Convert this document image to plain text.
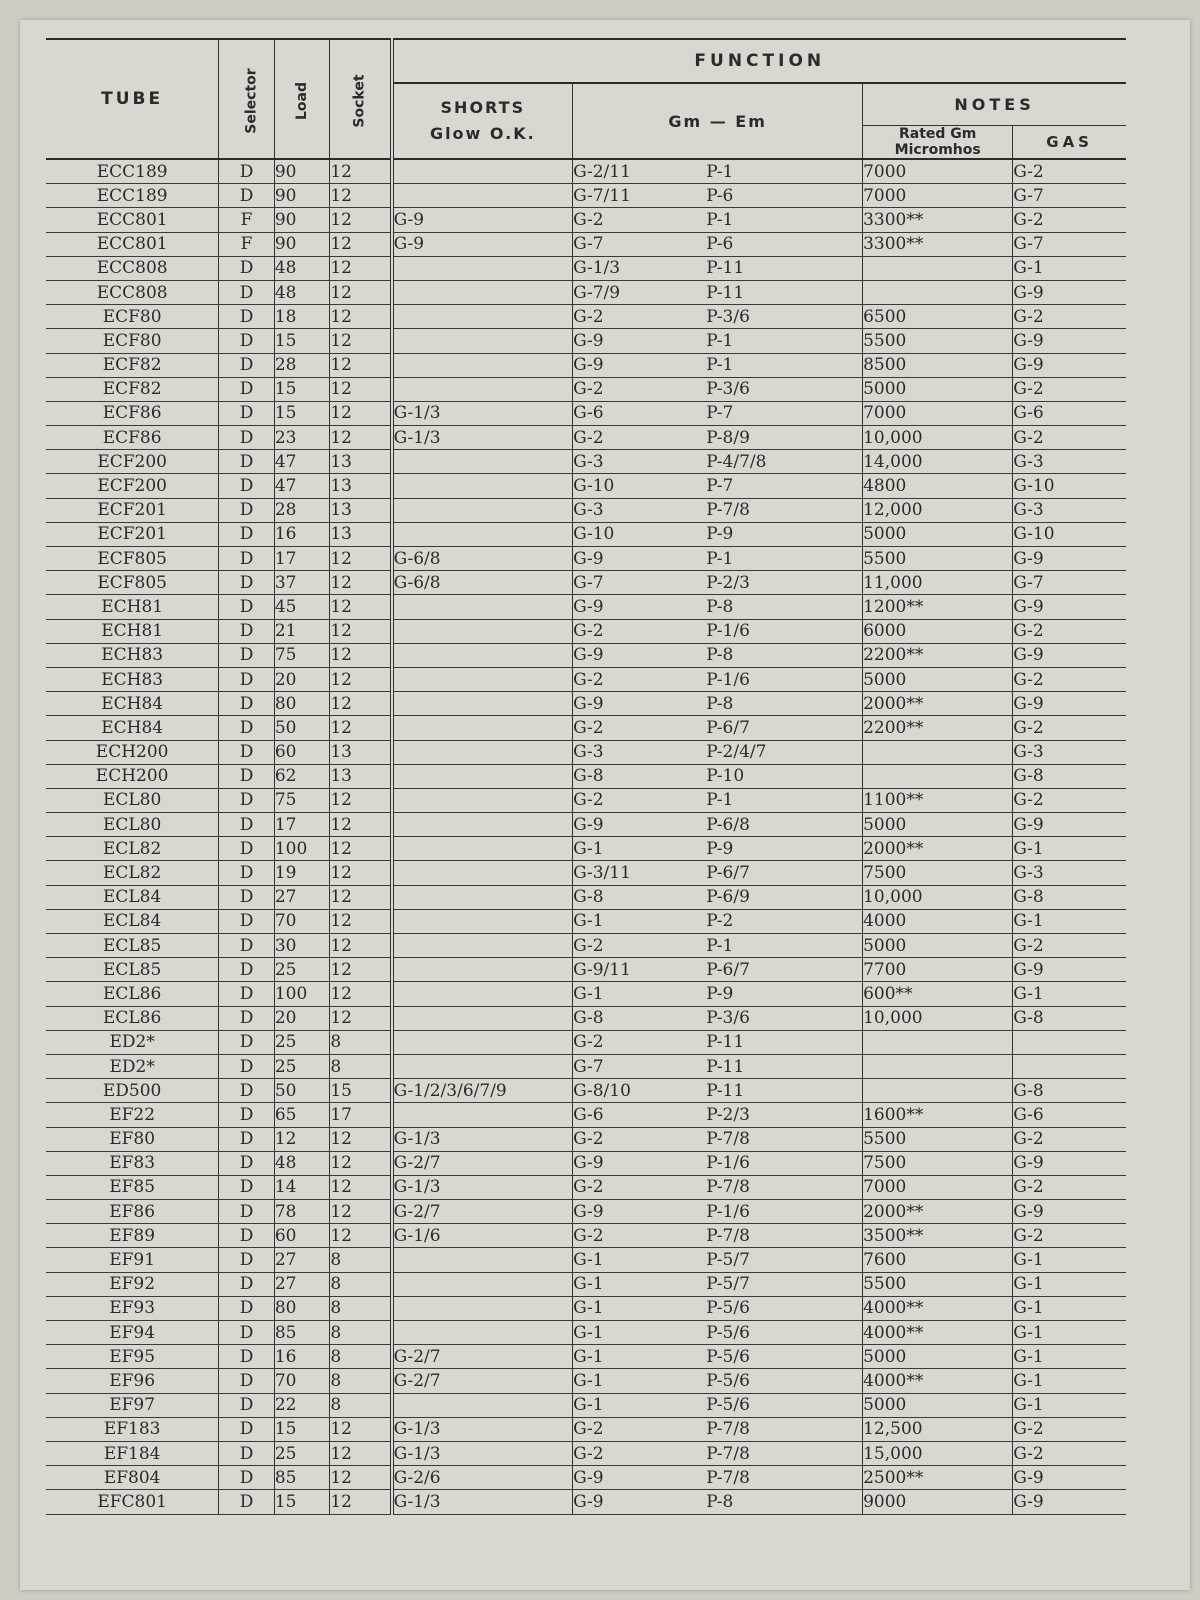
TUBE	Selector	Load	Socket	FUNCTION				

				SHORTS
Glow O.K.	Gm — Em		NOTES	

							Rated Gm
Micromhos	GAS
ECC189	D	90	12		G-2/11	P-1	7000	G-2
ECC189	D	90	12		G-7/11	P-6	7000	G-7
ECC801	F	90	12	G-9	G-2	P-1	3300**	G-2
ECC801	F	90	12	G-9	G-7	P-6	3300**	G-7
ECC808	D	48	12		G-1/3	P-11		G-1
ECC808	D	48	12		G-7/9	P-11		G-9
ECF80	D	18	12		G-2	P-3/6	6500	G-2
ECF80	D	15	12		G-9	P-1	5500	G-9
ECF82	D	28	12		G-9	P-1	8500	G-9
ECF82	D	15	12		G-2	P-3/6	5000	G-2
ECF86	D	15	12	G-1/3	G-6	P-7	7000	G-6
ECF86	D	23	12	G-1/3	G-2	P-8/9	10,000	G-2
ECF200	D	47	13		G-3	P-4/7/8	14,000	G-3
ECF200	D	47	13		G-10	P-7	4800	G-10
ECF201	D	28	13		G-3	P-7/8	12,000	G-3
ECF201	D	16	13		G-10	P-9	5000	G-10
ECF805	D	17	12	G-6/8	G-9	P-1	5500	G-9
ECF805	D	37	12	G-6/8	G-7	P-2/3	11,000	G-7
ECH81	D	45	12		G-9	P-8	1200**	G-9
ECH81	D	21	12		G-2	P-1/6	6000	G-2
ECH83	D	75	12		G-9	P-8	2200**	G-9
ECH83	D	20	12		G-2	P-1/6	5000	G-2
ECH84	D	80	12		G-9	P-8	2000**	G-9
ECH84	D	50	12		G-2	P-6/7	2200**	G-2
ECH200	D	60	13		G-3	P-2/4/7		G-3
ECH200	D	62	13		G-8	P-10		G-8
ECL80	D	75	12		G-2	P-1	1100**	G-2
ECL80	D	17	12		G-9	P-6/8	5000	G-9
ECL82	D	100	12		G-1	P-9	2000**	G-1
ECL82	D	19	12		G-3/11	P-6/7	7500	G-3
ECL84	D	27	12		G-8	P-6/9	10,000	G-8
ECL84	D	70	12		G-1	P-2	4000	G-1
ECL85	D	30	12		G-2	P-1	5000	G-2
ECL85	D	25	12		G-9/11	P-6/7	7700	G-9
ECL86	D	100	12		G-1	P-9	600**	G-1
ECL86	D	20	12		G-8	P-3/6	10,000	G-8
ED2*	D	25	8		G-2	P-11		
ED2*	D	25	8		G-7	P-11		
ED500	D	50	15	G-1/2/3/6/7/9	G-8/10	P-11		G-8
EF22	D	65	17		G-6	P-2/3	1600**	G-6
EF80	D	12	12	G-1/3	G-2	P-7/8	5500	G-2
EF83	D	48	12	G-2/7	G-9	P-1/6	7500	G-9
EF85	D	14	12	G-1/3	G-2	P-7/8	7000	G-2
EF86	D	78	12	G-2/7	G-9	P-1/6	2000**	G-9
EF89	D	60	12	G-1/6	G-2	P-7/8	3500**	G-2
EF91	D	27	8		G-1	P-5/7	7600	G-1
EF92	D	27	8		G-1	P-5/7	5500	G-1
EF93	D	80	8		G-1	P-5/6	4000**	G-1
EF94	D	85	8		G-1	P-5/6	4000**	G-1
EF95	D	16	8	G-2/7	G-1	P-5/6	5000	G-1
EF96	D	70	8	G-2/7	G-1	P-5/6	4000**	G-1
EF97	D	22	8		G-1	P-5/6	5000	G-1
EF183	D	15	12	G-1/3	G-2	P-7/8	12,500	G-2
EF184	D	25	12	G-1/3	G-2	P-7/8	15,000	G-2
EF804	D	85	12	G-2/6	G-9	P-7/8	2500**	G-9
EFC801	D	15	12	G-1/3	G-9	P-8	9000	G-9
